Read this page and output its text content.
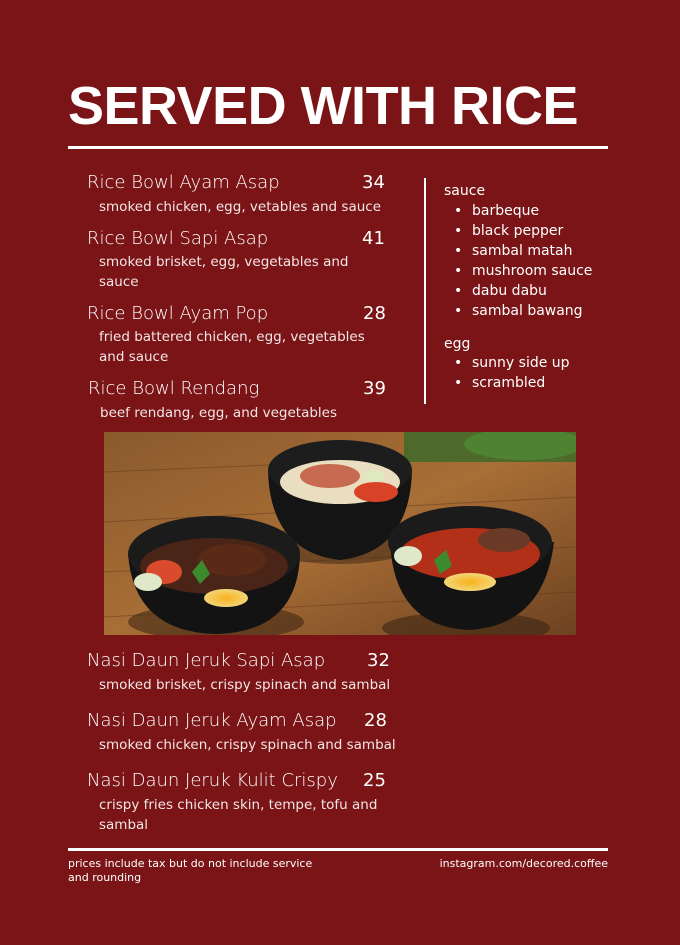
SERVED WITH RICE
Rice Bowl Ayam Asap	34
smoked chicken, egg, vetables and sauce
Rice Bowl Sapi Asap	41
smoked brisket, egg, vegetables and sauce
Rice Bowl Ayam Pop	28
fried battered chicken, egg, vegetables and sauce
Rice Bowl Rendang	39
beef rendang, egg, and vegetables
sauce
• barbeque
• black pepper
• sambal matah
• mushroom sauce
• dabu dabu
• sambal bawang
egg
• sunny side up
• scrambled
Nasi Daun Jeruk Sapi Asap 32
smoked brisket, crispy spinach and sambal
Nasi Daun Jeruk Ayam Asap 28
smoked chicken, crispy spinach and sambal
Nasi Daun Jeruk Kulit Crispy 25
crispy fries chicken skin, tempe, tofu and sambal
prices include tax but do not include service and rounding
instagram.com/decored.coffee
